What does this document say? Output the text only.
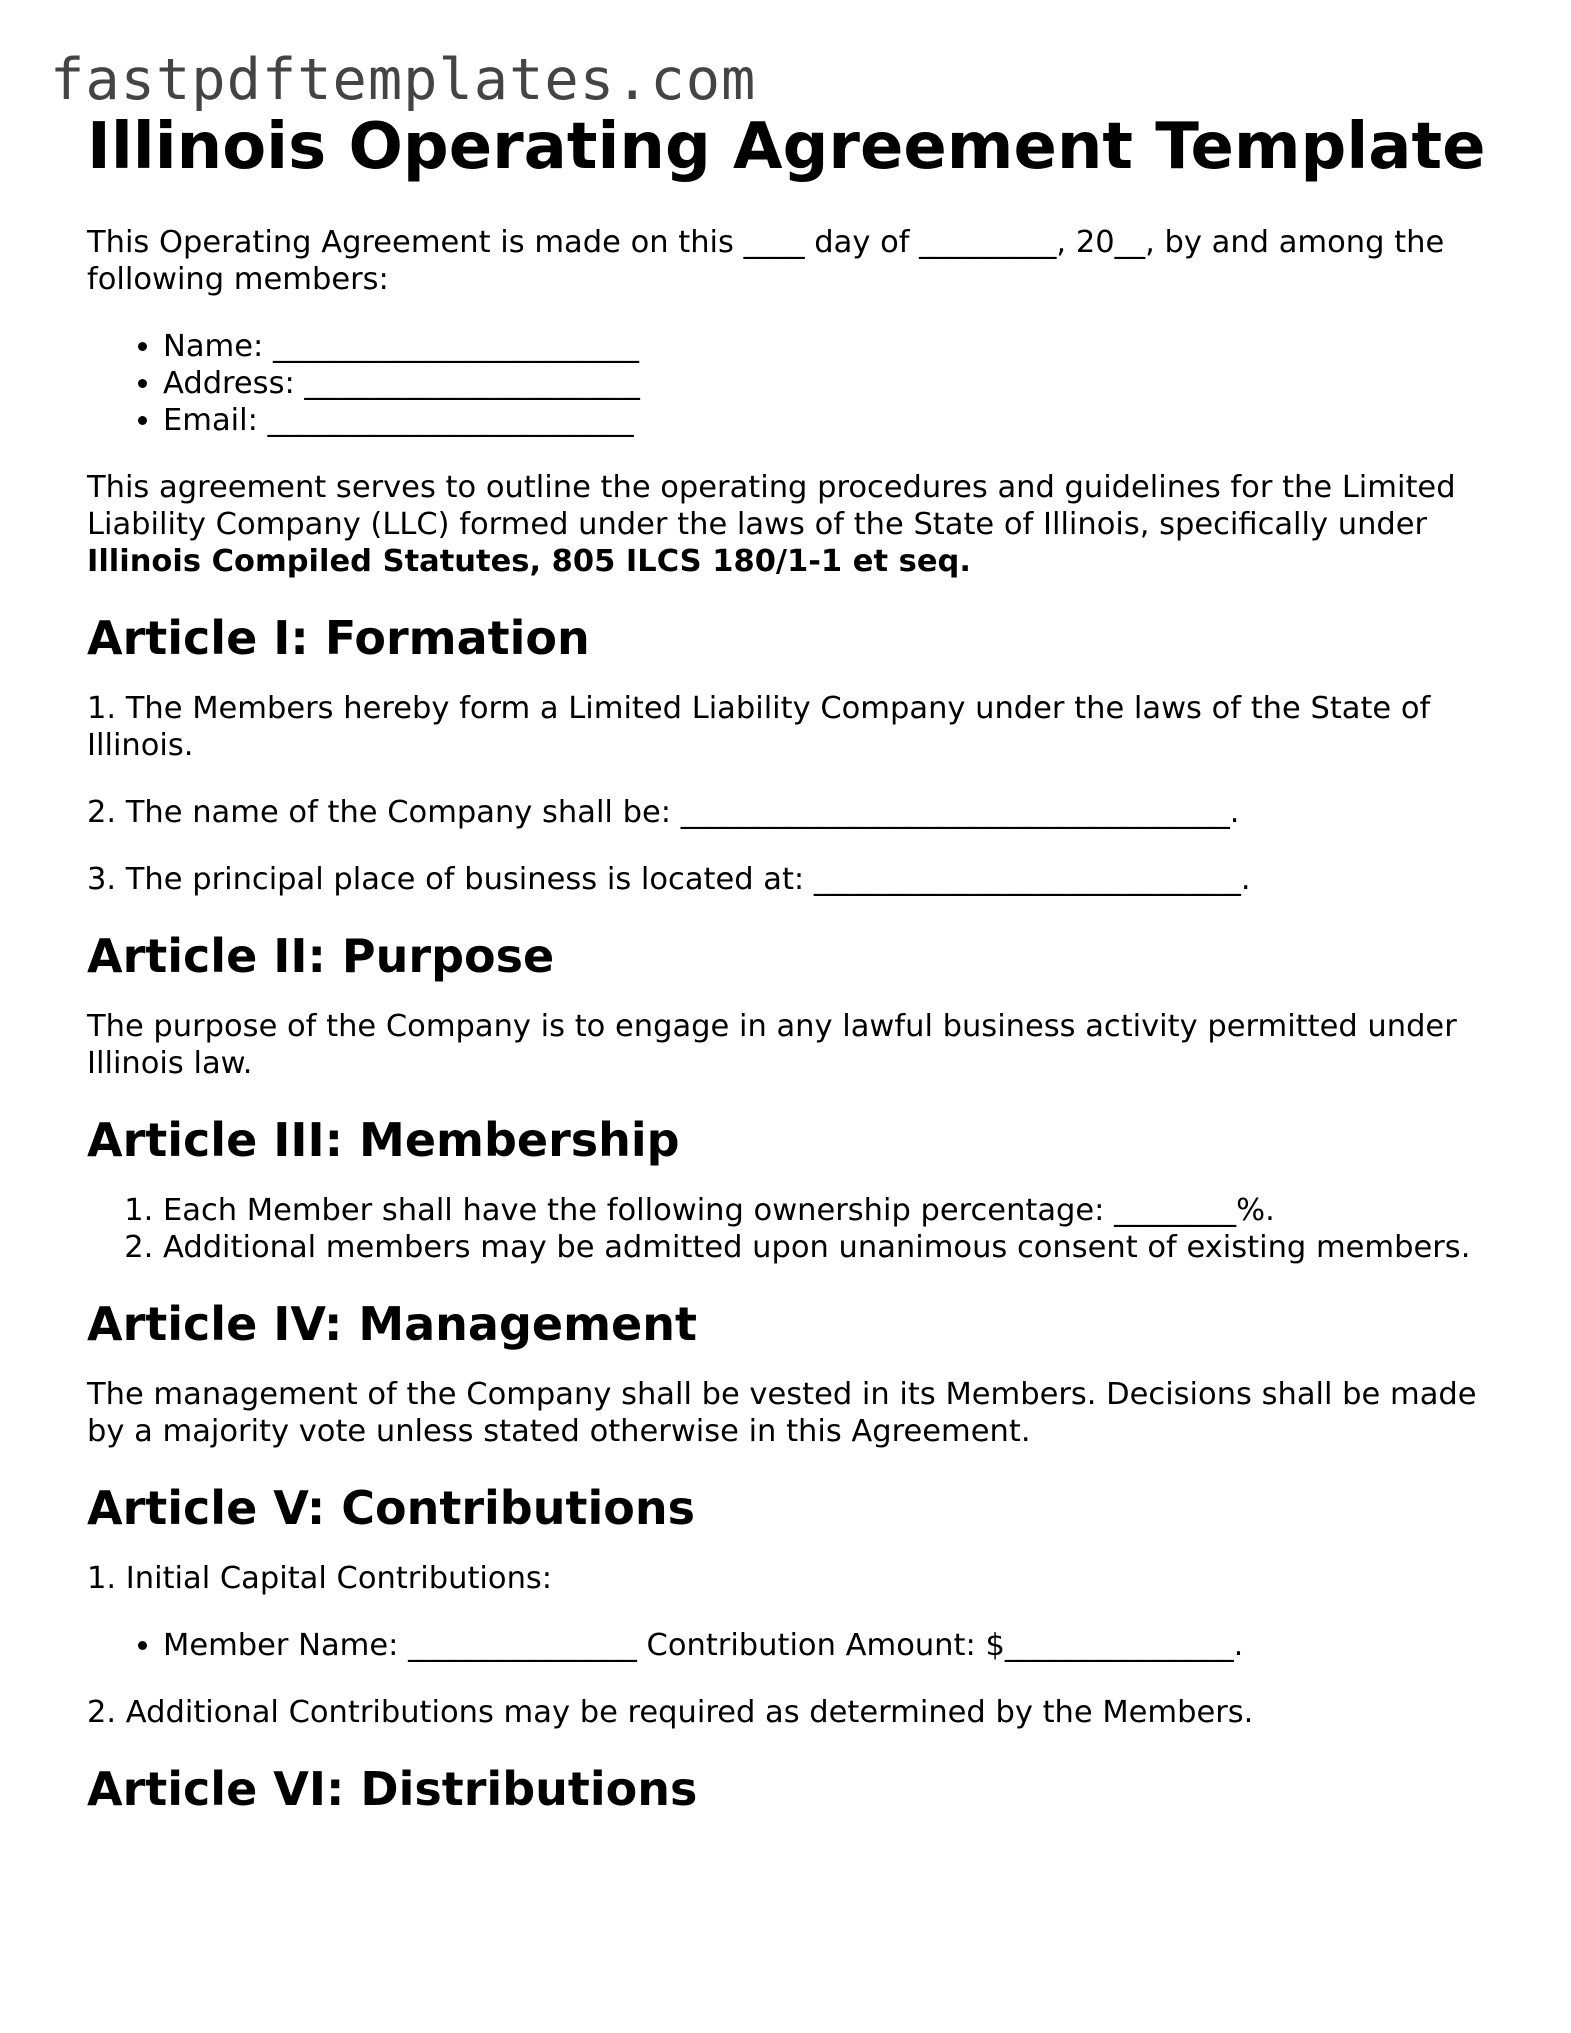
fastpdftemplates.com
Illinois Operating Agreement Template

This Operating Agreement is made on this ____ day of _________, 20__, by and among the following members:

• Name: ________________________
• Address: ______________________
• Email: ________________________

This agreement serves to outline the operating procedures and guidelines for the Limited Liability Company (LLC) formed under the laws of the State of Illinois, specifically under Illinois Compiled Statutes, 805 ILCS 180/1-1 et seq.

Article I: Formation

1. The Members hereby form a Limited Liability Company under the laws of the State of Illinois.

2. The name of the Company shall be: ____________________________________.

3. The principal place of business is located at: ____________________________.

Article II: Purpose

The purpose of the Company is to engage in any lawful business activity permitted under Illinois law.

Article III: Membership
1. Each Member shall have the following ownership percentage: ________%.
2. Additional members may be admitted upon unanimous consent of existing members.
Article IV: Management

The management of the Company shall be vested in its Members. Decisions shall be made by a majority vote unless stated otherwise in this Agreement.

Article V: Contributions

1. Initial Capital Contributions:

• Member Name: _______________ Contribution Amount: $_______________.

2. Additional Contributions may be required as determined by the Members.

Article VI: Distributions
